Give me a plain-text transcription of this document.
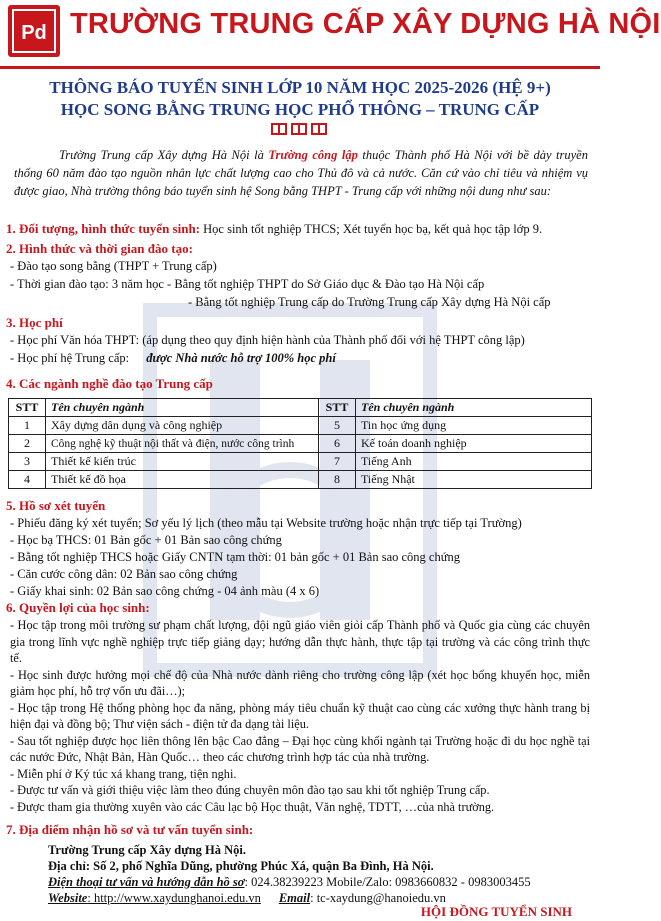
Pd TRƯỜNG TRUNG CẤP XÂY DỰNG HÀ NỘI
THÔNG BÁO TUYỂN SINH LỚP 10 NĂM HỌC 2025-2026 (HỆ 9+)
HỌC SONG BẰNG TRUNG HỌC PHỔ THÔNG – TRUNG CẤP
Trường Trung cấp Xây dựng Hà Nội là Trường công lập thuộc Thành phố Hà Nội với bề dày truyền thống 60 năm đào tạo nguồn nhân lực chất lượng cao cho Thủ đô và cả nước. Căn cứ vào chỉ tiêu và nhiệm vụ được giao, Nhà trường thông báo tuyển sinh hệ Song bằng THPT - Trung cấp với những nội dung như sau:
1. Đối tượng, hình thức tuyển sinh: Học sinh tốt nghiệp THCS; Xét tuyển học bạ, kết quả học tập lớp 9.
2. Hình thức và thời gian đào tạo:
- Đào tạo song bằng (THPT + Trung cấp)
- Thời gian đào tạo: 3 năm học - Bằng tốt nghiệp THPT do Sở Giáo dục & Đào tạo Hà Nội cấp
- Bằng tốt nghiệp Trung cấp do Trường Trung cấp Xây dựng Hà Nội cấp
3. Học phí
- Học phí Văn hóa THPT: (áp dụng theo quy định hiện hành của Thành phố đối với hệ THPT công lập)
- Học phí hệ Trung cấp: được Nhà nước hỗ trợ 100% học phí
4. Các ngành nghề đào tạo Trung cấp
STT	Tên chuyên ngành	STT	Tên chuyên ngành
1	Xây dựng dân dụng và công nghiệp	5	Tin học ứng dụng
2	Công nghệ kỹ thuật nội thất và điện, nước công trình	6	Kế toán doanh nghiệp
3	Thiết kế kiến trúc	7	Tiếng Anh
4	Thiết kế đồ họa	8	Tiếng Nhật
5. Hồ sơ xét tuyển
- Phiếu đăng ký xét tuyển; Sơ yếu lý lịch (theo mẫu tại Website trường hoặc nhận trực tiếp tại Trường)
- Học bạ THCS: 01 Bản gốc + 01 Bản sao công chứng
- Bằng tốt nghiệp THCS hoặc Giấy CNTN tạm thời: 01 bản gốc + 01 Bản sao công chứng
- Căn cước công dân: 02 Bản sao công chứng
- Giấy khai sinh: 02 Bản sao công chứng - 04 ảnh màu (4 x 6)
6. Quyền lợi của học sinh:
- Học tập trong môi trường sư phạm chất lượng, đội ngũ giáo viên giỏi cấp Thành phố và Quốc gia cùng các chuyên gia trong lĩnh vực nghề nghiệp trực tiếp giảng dạy; hướng dẫn thực hành, thực tập tại trường và các công trình thực tế.
- Học sinh được hưởng mọi chế độ của Nhà nước dành riêng cho trường công lập (xét học bổng khuyến học, miễn giảm học phí, hỗ trợ vốn ưu đãi…);
- Học tập trong Hệ thống phòng học đa năng, phòng máy tiêu chuẩn kỹ thuật cao cùng các xưởng thực hành trang bị hiện đại và đồng bộ; Thư viện sách - điện tử đa dạng tài liệu.
- Sau tốt nghiệp được học liên thông lên bậc Cao đẳng – Đại học cùng khối ngành tại Trường hoặc đi du học nghề tại các nước Đức, Nhật Bản, Hàn Quốc… theo các chương trình hợp tác của nhà trường.
- Miễn phí ở Ký túc xá khang trang, tiện nghi.
- Được tư vấn và giới thiệu việc làm theo đúng chuyên môn đào tạo sau khi tốt nghiệp Trung cấp.
- Được tham gia thường xuyên vào các Câu lạc bộ Học thuật, Văn nghệ, TDTT, …của nhà trường.
7. Địa điểm nhận hồ sơ và tư vấn tuyển sinh:
Trường Trung cấp Xây dựng Hà Nội.
Địa chỉ: Số 2, phố Nghĩa Dũng, phường Phúc Xá, quận Ba Đình, Hà Nội.
Điện thoại tư vấn và hướng dẫn hồ sơ: 024.38239223 Mobile/Zalo: 0983660832 - 0983003455
Website: http://www.xaydunghanoi.edu.vn Email: tc-xaydung@hanoiedu.vn
HỘI ĐỒNG TUYỂN SINH
